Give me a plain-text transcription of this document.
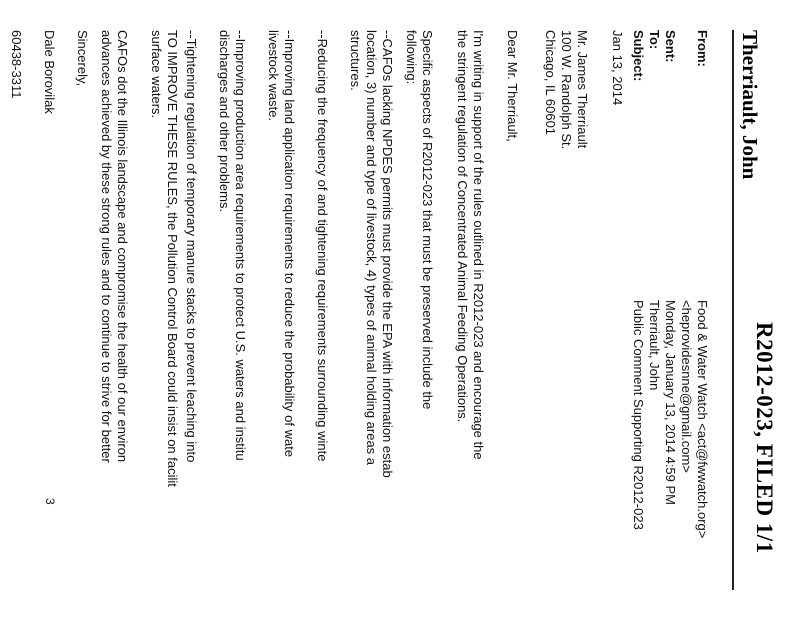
R2012-023, FILED 1/1
Therriault, John
From:
Food & Water Watch <act@fwwatch.org>
<heprovidesnne@gmail.com>
Sent:
Monday, January 13, 2014 4:59 PM
To:
Therriault, John
Subject:
Public Comment Supporting R2012-023
Jan 13, 2014
Mr. James Therriault
100 W. Randolph St.
Chicago, IL 60601
Dear Mr. Therriault,
I'm writing in support of the rules outlined in R2012-023 and encourage the
the stringent regulation of Concentrated Animal Feeding Operations.
Specific aspects of R2012-023 that must be preserved include the
following:
--CAFOs lacking NPDES permits must provide the EPA with information estab
location, 3) number and type of livestock, 4) types of animal holding areas a
structures.
--Reducing the frequency of and tightening requirements surrounding winte
--Improving land application requirements to reduce the probability of wate
livestock waste.
--Improving production area requirements to protect U.S. waters and institu
discharges and other problems.
--Tightening regulation of temporary manure stacks to prevent leaching into
TO IMPROVE THESE RULES, the Pollution Control Board could insist on facilit
surface waters.
CAFOs dot the Illinois landscape and compromise the health of our environ
advances achieved by these strong rules and to continue to strive for better
Sincerely,
Dale Borovilak
60438-3311
3
